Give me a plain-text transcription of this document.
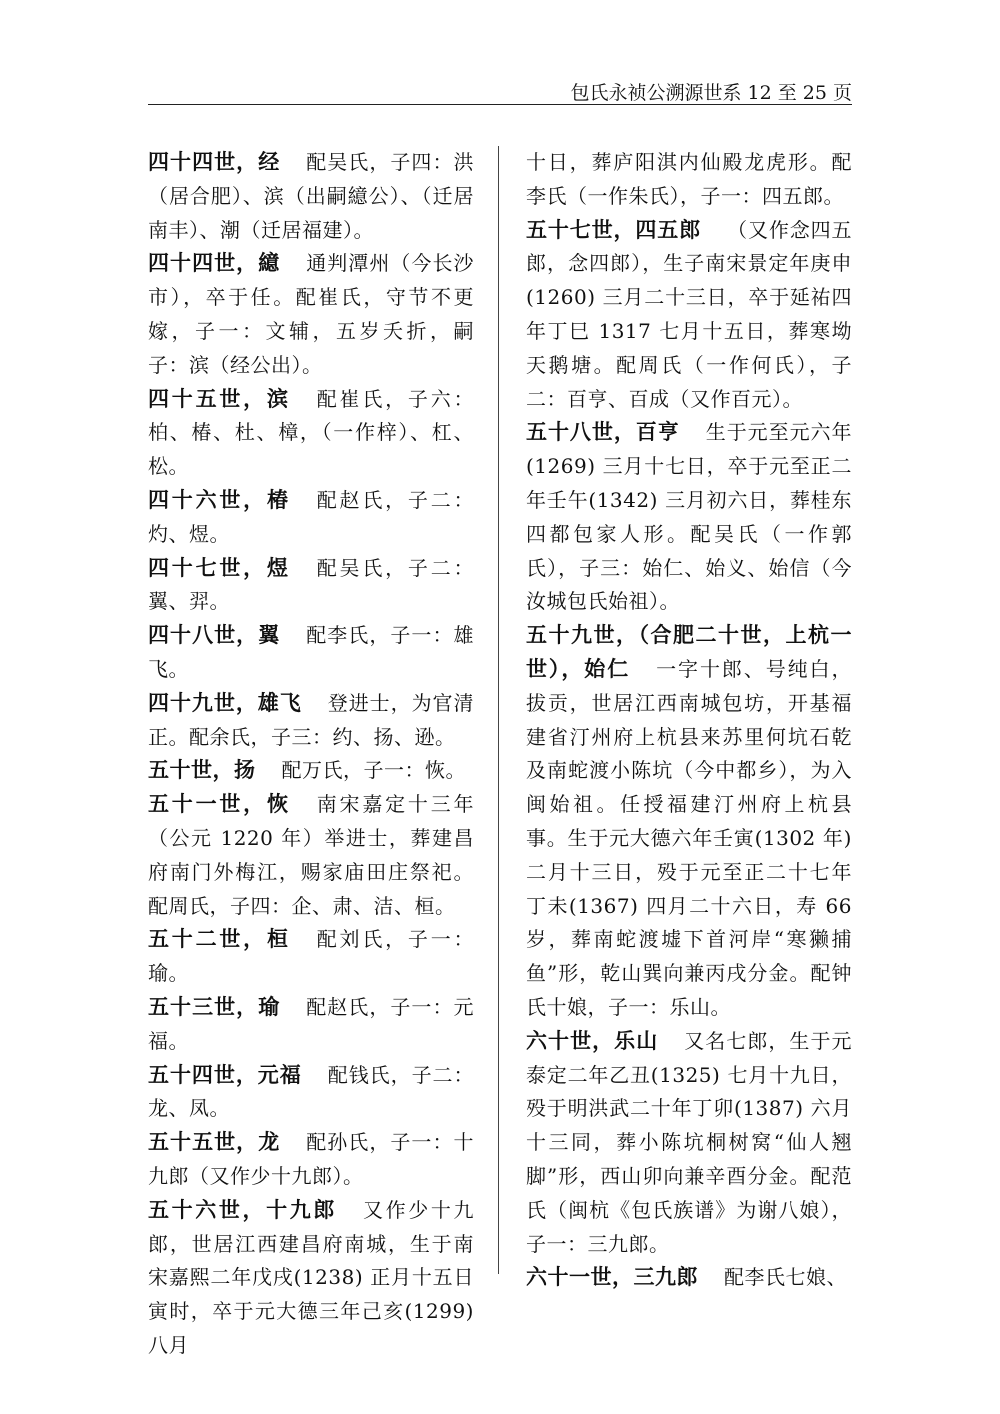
包氏永祯公溯源世系 12 至 25 页

四十四世，经 配吴氏，子四：洪（居合肥）、滨（出嗣繶公）、（迁居南丰）、潮（迁居福建）。

四十四世，繶 通判潭州（今长沙市），卒于任。配崔氏，守节不更嫁，子一：文辅，五岁夭折，嗣子：滨（经公出）。

四十五世，滨 配崔氏，子六：柏、椿、杜、樟，（一作梓）、杠、松。

四十六世，椿 配赵氏，子二：灼、煜。

四十七世，煜 配吴氏，子二：翼、羿。

四十八世，翼 配李氏，子一：雄飞。

四十九世，雄飞 登进士，为官清正。配余氏，子三：约、扬、逊。

五十世，扬 配万氏，子一：恢。

五十一世，恢 南宋嘉定十三年（公元 1220 年）举进士，葬建昌府南门外梅江，赐家庙田庄祭祀。配周氏，子四：企、肃、洁、桓。

五十二世，桓 配刘氏，子一：瑜。

五十三世，瑜 配赵氏，子一：元福。

五十四世，元福 配钱氏，子二：龙、凤。

五十五世，龙 配孙氏，子一：十九郎（又作少十九郎）。

五十六世，十九郎 又作少十九郎，世居江西建昌府南城，生于南宋嘉熙二年戊戌(1238) 正月十五日寅时，卒于元大德三年己亥(1299) 八月

十日，葬庐阳淇内仙殿龙虎形。配李氏（一作朱氏），子一：四五郎。

五十七世，四五郎 （又作念四五郎，念四郎），生子南宋景定年庚申(1260) 三月二十三日，卒于延祐四年丁巳 1317 七月十五日，葬寒坳天鹅塘。配周氏（一作何氏），子二：百亨、百成（又作百元）。

五十八世，百亨 生于元至元六年(1269) 三月十七日，卒于元至正二年壬午(1342) 三月初六日，葬桂东四都包家人形。配吴氏（一作郭氏），子三：始仁、始义、始信（今汝城包氏始祖）。

五十九世，（合肥二十世，上杭一世），始仁 一字十郎、号纯白，拔贡，世居江西南城包坊，开基福建省汀州府上杭县来苏里何坑石乾及南蛇渡小陈坑（今中都乡），为入闽始祖。任授福建汀州府上杭县事。生于元大德六年壬寅(1302 年) 二月十三日，殁于元至正二十七年丁未(1367) 四月二十六日，寿 66 岁，葬南蛇渡墟下首河岸“寒獭捕鱼”形，乾山巽向兼丙戌分金。配钟氏十娘，子一：乐山。

六十世，乐山 又名七郎，生于元泰定二年乙丑(1325) 七月十九日，殁于明洪武二十年丁卯(1387) 六月十三同，葬小陈坑桐树窝“仙人翘脚”形，西山卯向兼辛酉分金。配范氏（闽杭《包氏族谱》为谢八娘），子一：三九郎。

六十一世，三九郎 配李氏七娘、
